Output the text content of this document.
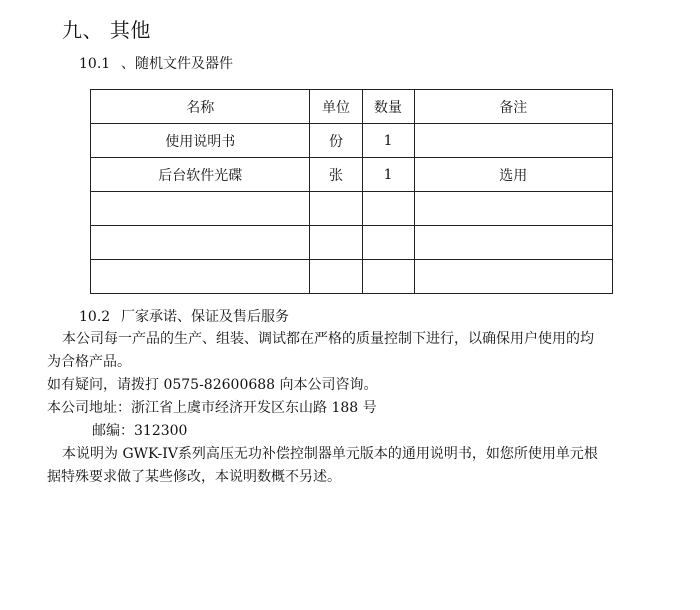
九、 其他
10.1 、随机文件及器件
名称	单位	数量	备注
使用说明书	份	1	
后台软件光碟	张	1	选用

10.2 厂家承诺、保证及售后服务
本公司每一产品的生产、组装、调试都在严格的质量控制下进行，以确保用户使用的均
为合格产品。
如有疑问，请拨打 0575-82600688 向本公司咨询。
本公司地址：浙江省上虞市经济开发区东山路 188 号
邮编：312300
本说明为 GWK-IV系列高压无功补偿控制器单元版本的通用说明书，如您所使用单元根
据特殊要求做了某些修改，本说明数概不另述。
